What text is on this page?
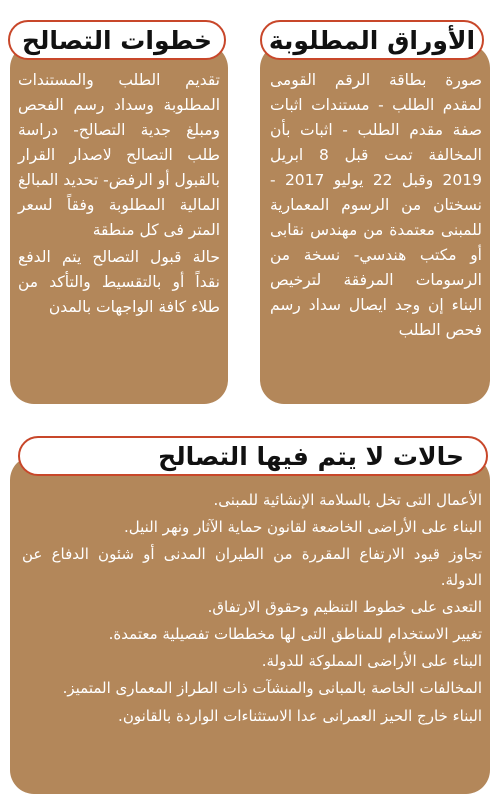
خطوات التصالح

تقديم الطلب والمستندات المطلوبة وسداد رسم الفحص ومبلغ جدية التصالح- دراسة طلب التصالح لاصدار القرار بالقبول أو الرفض- تحديد المبالغ المالية المطلوبة وفقاً لسعر المتر فى كل منطقة

حالة قبول التصالح يتم الدفع نقداً أو بالتقسيط والتأكد من طلاء كافة الواجهات بالمدن

الأوراق المطلوبة

صورة بطاقة الرقم القومى لمقدم الطلب - مستندات اثبات صفة مقدم الطلب - اثبات بأن المخالفة تمت قبل 8 ابريل 2019 وقبل 22 يوليو 2017 - نسختان من الرسوم المعمارية للمبنى معتمدة من مهندس نقابى أو مكتب هندسي- نسخة من الرسومات المرفقة لترخيص البناء إن وجد ايصال سداد رسم فحص الطلب

حالات لا يتم فيها التصالح

الأعمال التى تخل بالسلامة الإنشائية للمبنى.

البناء على الأراضى الخاضعة لقانون حماية الآثار ونهر النيل.

تجاوز قيود الارتفاع المقررة من الطيران المدنى أو شئون الدفاع عن الدولة.

التعدى على خطوط التنظيم وحقوق الارتفاق.

تغيير الاستخدام للمناطق التى لها مخططات تفصيلية معتمدة.

البناء على الأراضى المملوكة للدولة.

المخالفات الخاصة بالمبانى والمنشآت ذات الطراز المعمارى المتميز.

البناء خارج الحيز العمرانى عدا الاستثناءات الواردة بالقانون.
